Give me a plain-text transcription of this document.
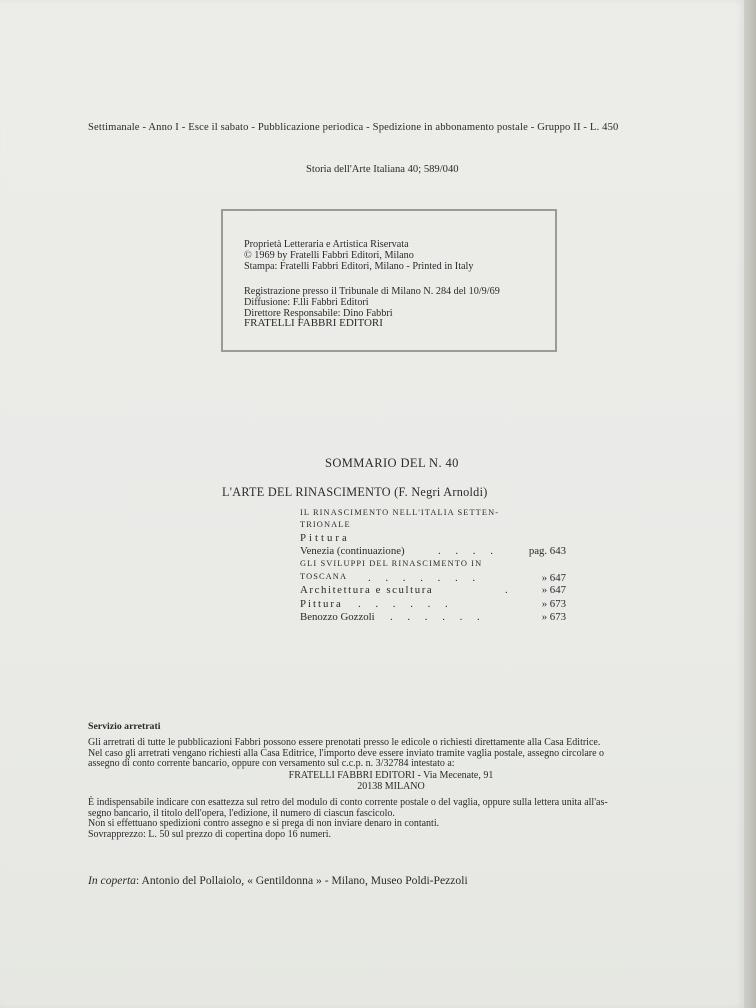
Settimanale - Anno I - Esce il sabato - Pubblicazione periodica - Spedizione in abbonamento postale - Gruppo II - L. 450
Storia dell'Arte Italiana 40; 589/040
Proprietà Letteraria e Artistica Riservata
© 1969 by Fratelli Fabbri Editori, Milano
Stampa: Fratelli Fabbri Editori, Milano - Printed in Italy
Registrazione presso il Tribunale di Milano N. 284 del 10/9/69
Diffusione: F.lli Fabbri Editori
Direttore Responsabile: Dino Fabbri
FRATELLI FABBRI EDITORI
SOMMARIO DEL N. 40
L'ARTE DEL RINASCIMENTO (F. Negri Arnoldi)
IL RINASCIMENTO NELL'ITALIA SETTEN-
TRIONALE
Pittura
Venezia (continuazione)	. . . .	pag. 643
GLI SVILUPPI DEL RINASCIMENTO IN
TOSCANA . . . . . . .	» 647
Architettura e scultura	.	» 647
Pittura . . . . . .	» 673
Benozzo Gozzoli . . . . . .	» 673
Servizio arretrati
Gli arretrati di tutte le pubblicazioni Fabbri possono essere prenotati presso le edicole o richiesti direttamente alla Casa Editrice.
Nel caso gli arretrati vengano richiesti alla Casa Editrice, l'importo deve essere inviato tramite vaglia postale, assegno circolare o
assegno di conto corrente bancario, oppure con versamento sul c.c.p. n. 3/32784 intestato a:
FRATELLI FABBRI EDITORI - Via Mecenate, 91
20138 MILANO
È indispensabile indicare con esattezza sul retro del modulo di conto corrente postale o del vaglia, oppure sulla lettera unita all'as-
segno bancario, il titolo dell'opera, l'edizione, il numero di ciascun fascicolo.
Non si effettuano spedizioni contro assegno e si prega di non inviare denaro in contanti.
Sovrapprezzo: L. 50 sul prezzo di copertina dopo 16 numeri.
In coperta: Antonio del Pollaiolo, « Gentildonna » - Milano, Museo Poldi-Pezzoli
